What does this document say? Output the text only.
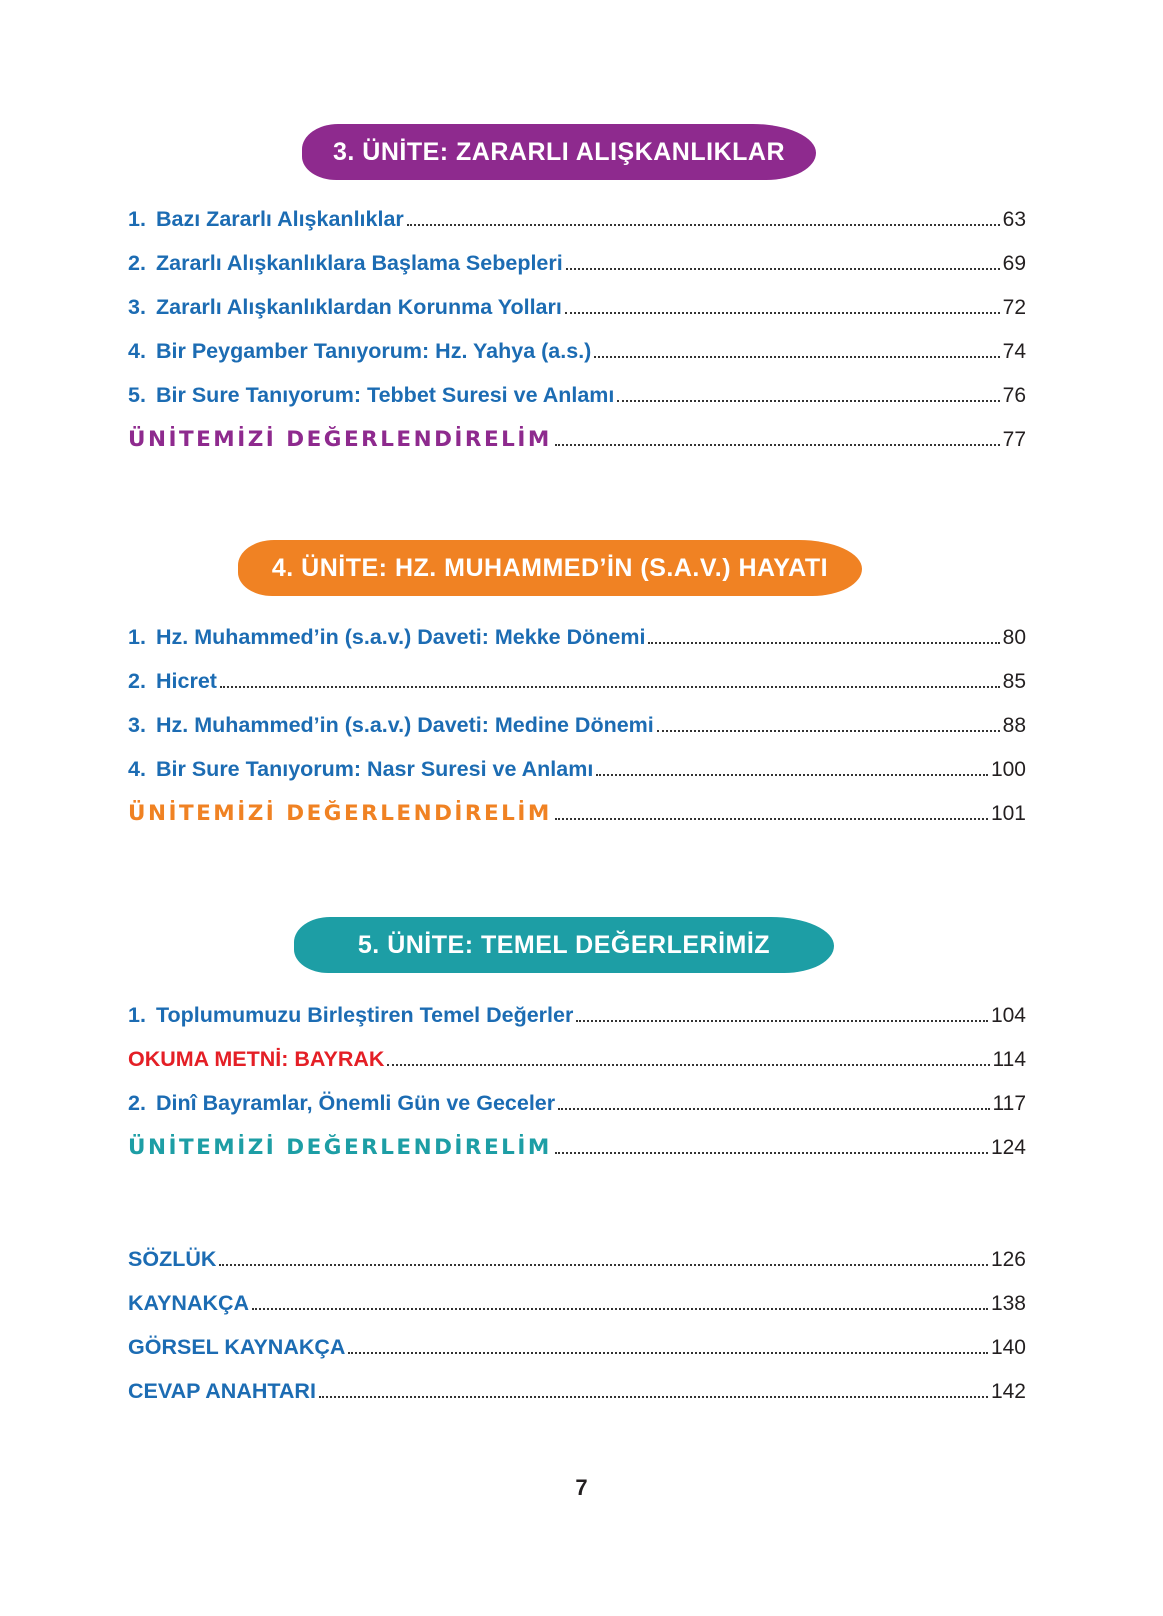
3. ÜNİTE: ZARARLI ALIŞKANLIKLAR
1. Bazı Zararlı Alışkanlıklar	63
2. Zararlı Alışkanlıklara Başlama Sebepleri	69
3. Zararlı Alışkanlıklardan Korunma Yolları	72
4. Bir Peygamber Tanıyorum: Hz. Yahya (a.s.)	74
5. Bir Sure Tanıyorum: Tebbet Suresi ve Anlamı	76
ÜNİTEMİZİ DEĞERLENDİRELİM	77
4. ÜNİTE: HZ. MUHAMMED’İN (S.A.V.) HAYATI
1. Hz. Muhammed’in (s.a.v.) Daveti: Mekke Dönemi	80
2. Hicret	85
3. Hz. Muhammed’in (s.a.v.) Daveti: Medine Dönemi	88
4. Bir Sure Tanıyorum: Nasr Suresi ve Anlamı	100
ÜNİTEMİZİ DEĞERLENDİRELİM	101
5. ÜNİTE: TEMEL DEĞERLERİMİZ
1. Toplumumuzu Birleştiren Temel Değerler	104
OKUMA METNİ: BAYRAK	114
2. Dinî Bayramlar, Önemli Gün ve Geceler	117
ÜNİTEMİZİ DEĞERLENDİRELİM	124
SÖZLÜK	126
KAYNAKÇA	138
GÖRSEL KAYNAKÇA	140
CEVAP ANAHTARI	142
7
